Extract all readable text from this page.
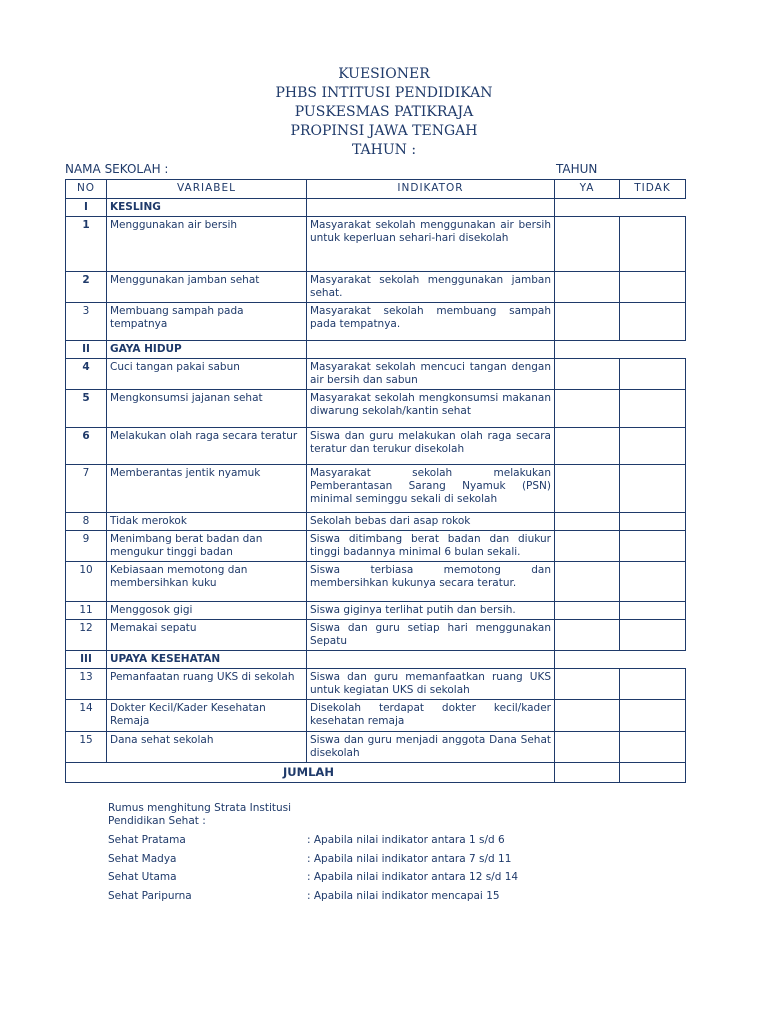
KUESIONER
PHBS INTITUSI PENDIDIKAN
PUSKESMAS PATIKRAJA
PROPINSI JAWA TENGAH
TAHUN :
NAMA SEKOLAH :	TAHUN
NO	VARIABEL	INDIKATOR	YA	TIDAK
I	KESLING			
1	Menggunakan air bersih	Masyarakat sekolah menggunakan air bersih untuk keperluan sehari-hari disekolah		
2	Menggunakan jamban sehat	Masyarakat sekolah menggunakan jamban sehat.		
3	Membuang sampah pada tempatnya	Masyarakat sekolah membuang sampah pada tempatnya.		
II	GAYA HIDUP			
4	Cuci tangan pakai sabun	Masyarakat sekolah mencuci tangan dengan air bersih dan sabun		
5	Mengkonsumsi jajanan sehat	Masyarakat sekolah mengkonsumsi makanan diwarung sekolah/kantin sehat		
6	Melakukan olah raga secara teratur	Siswa dan guru melakukan olah raga secara teratur dan terukur disekolah		
7	Memberantas jentik nyamuk	Masyarakat sekolah melakukan Pemberantasan Sarang Nyamuk (PSN) minimal seminggu sekali di sekolah		
8	Tidak merokok	Sekolah bebas dari asap rokok		
9	Menimbang berat badan dan mengukur tinggi badan	Siswa ditimbang berat badan dan diukur tinggi badannya minimal 6 bulan sekali.		
10	Kebiasaan memotong dan membersihkan kuku	Siswa terbiasa memotong dan membersihkan kukunya secara teratur.		
11	Menggosok gigi	Siswa giginya terlihat putih dan bersih.		
12	Memakai sepatu	Siswa dan guru setiap hari menggunakan Sepatu		
III	UPAYA KESEHATAN			
13	Pemanfaatan ruang UKS di sekolah	Siswa dan guru memanfaatkan ruang UKS untuk kegiatan UKS di sekolah		
14	Dokter Kecil/Kader Kesehatan Remaja	Disekolah terdapat dokter kecil/kader kesehatan remaja		
15	Dana sehat sekolah	Siswa dan guru menjadi anggota Dana Sehat disekolah		
JUMLAH				
Rumus menghitung Strata Institusi Pendidikan Sehat :
Sehat Pratama	: Apabila nilai indikator antara 1 s/d 6
Sehat Madya	: Apabila nilai indikator antara 7 s/d 11
Sehat Utama	: Apabila nilai indikator antara 12 s/d 14
Sehat Paripurna	: Apabila nilai indikator mencapai 15
